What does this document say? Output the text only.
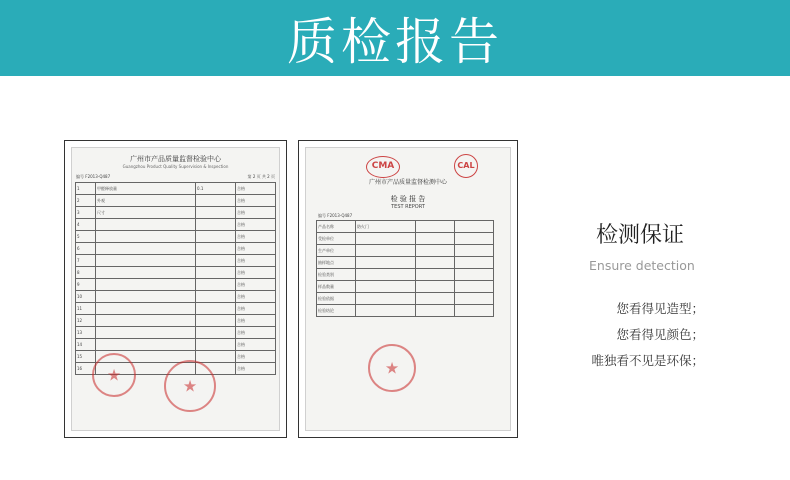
质检报告
广州市产品质量监督检验中心
Guangzhou Product Quality Supervision & Inspection
编号 F2013-Q487	第 2 页 共 2 页
1	甲醛释放量	0.1	合格
2	外观		合格
3	尺寸		合格
4			合格
5			合格
6			合格
7			合格
8			合格
9			合格
10			合格
11			合格
12			合格
13			合格
14			合格
15			合格
16			合格
★
★
CMA	CAL
广州市产品质量监督检测中心
检 验 报 告
TEST REPORT
编号 F2013-Q487
产品名称	防火门		
受检单位			
生产单位			
抽样地点			
检验类别			
样品数量			
检验依据			
检验结论			
★
检测保证
Ensure detection
您看得见造型；
您看得见颜色；
唯独看不见是环保；
